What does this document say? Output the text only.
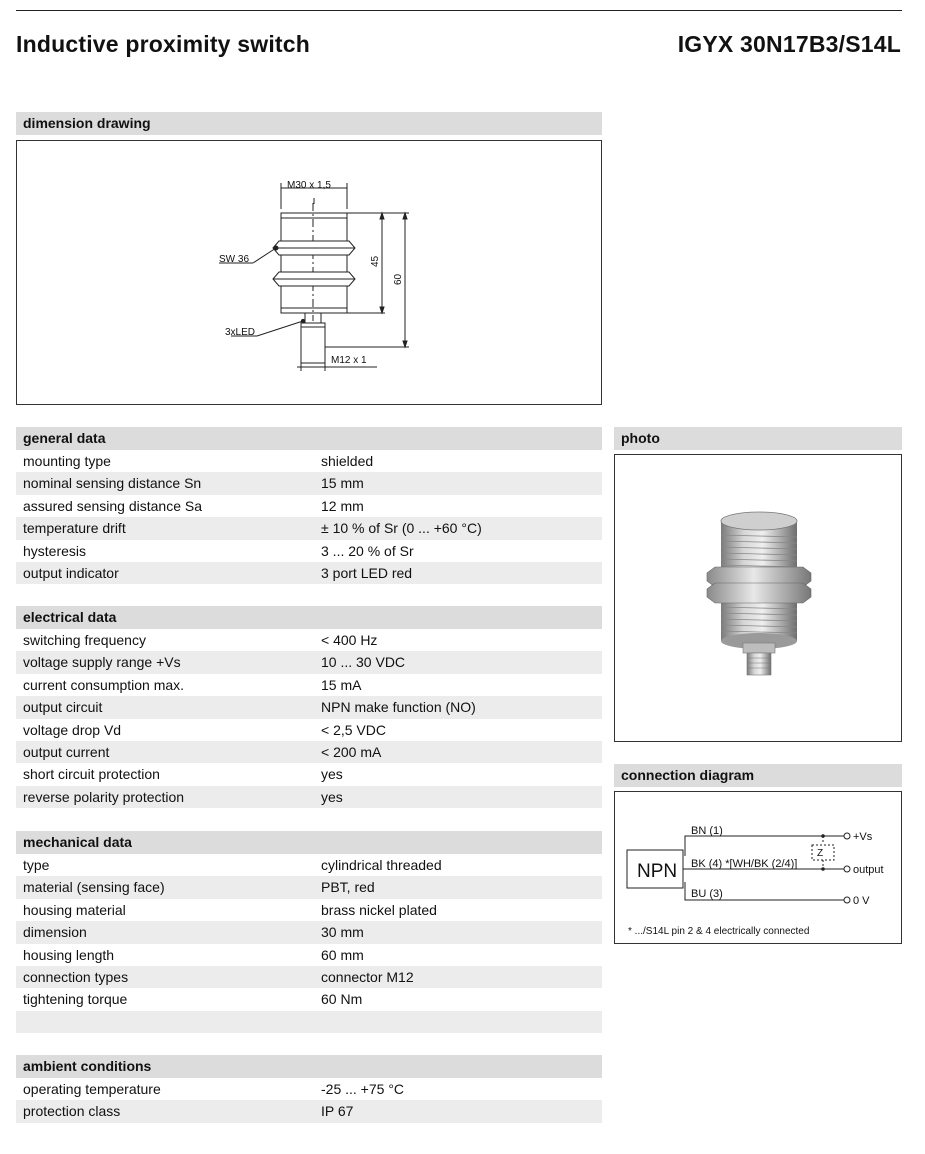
Inductive proximity switch	IGYX 30N17B3/S14L
dimension drawing
M30 x 1,5
SW 36
3xLED
M12 x 1
45
60
general data
mounting type	shielded
nominal sensing distance Sn	15 mm
assured sensing distance Sa	12 mm
temperature drift	± 10 % of Sr (0 ... +60 °C)
hysteresis	3 ... 20 % of Sr
output indicator	3 port LED red
electrical data
switching frequency	< 400 Hz
voltage supply range +Vs	10 ... 30 VDC
current consumption max.	15 mA
output circuit	NPN make function (NO)
voltage drop Vd	< 2,5 VDC
output current	< 200 mA
short circuit protection	yes
reverse polarity protection	yes
mechanical data
type	cylindrical threaded
material (sensing face)	PBT, red
housing material	brass nickel plated
dimension	30 mm
housing length	60 mm
connection types	connector M12
tightening torque	60 Nm
ambient conditions
operating temperature	-25 ... +75 °C
protection class	IP 67
photo
connection diagram
NPN
BN (1)
BK (4) *[WH/BK (2/4)]
BU (3)
Z
+Vs
output
0 V
* .../S14L pin 2 & 4 electrically connected
